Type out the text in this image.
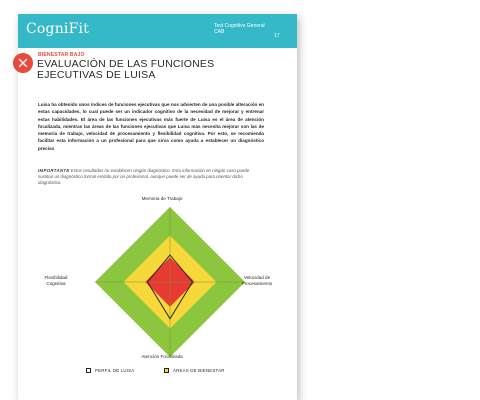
CogniFit	Test Cognitivo General
CAB
17
BIENESTAR BAJO
EVALUACIÓN DE LAS FUNCIONES EJECUTIVAS DE LUISA
Luisa ha obtenido unos índices de funciones ejecutivas que nos advierten de una posible alteración en estas capacidades, lo cual puede ser un indicador cognitivo de la necesidad de mejorar y entrenar estas habilidades. El área de las funciones ejecutivas más fuerte de Luisa es el área de atención focalizada, mientras las áreas de las funciones ejecutivas que Luisa más necesita mejorar son las de memoria de trabajo, velocidad de procesamiento y flexibilidad cognitiva. Por esto, se recomienda facilitar esta información a un profesional para que sirva como ayuda a establecer un diagnóstico preciso
IMPORTANTE Estos resultados no establecen ningún diagnóstico. Esta información en ningún caso puede sustituir un diagnóstico formal emitido por un profesional, aunque puede ser de ayuda para orientar dicho diagnóstico.
Memoria de Trabajo
Flexibilidad
Cognitiva
Velocidad de
Procesamiento
Atención Focalizada
PERFIL DE LUISA	ÁREAS DE BIENESTAR
